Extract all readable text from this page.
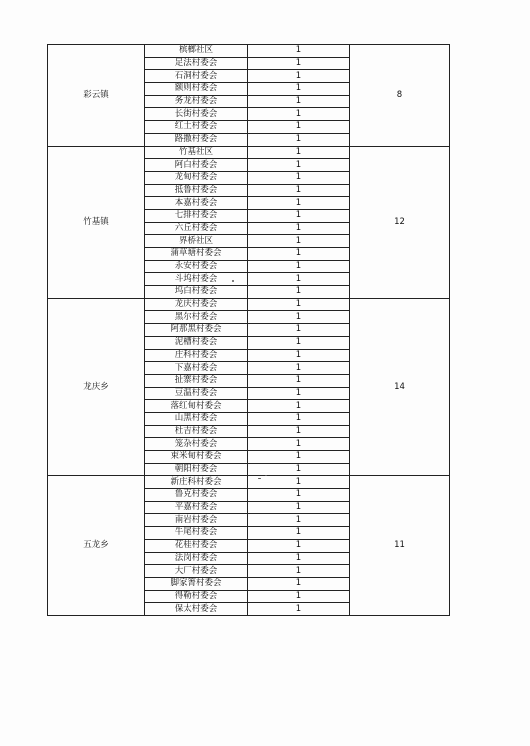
彩云镇	槟榔社区	1	8
	足法村委会	1	
	石洞村委会	1	
	额则村委会	1	
	务龙村委会	1	
	长街村委会	1	
	红土村委会	1	
	路撒村委会	1	
竹基镇	竹基社区	1	12
	阿白村委会	1	
	龙甸村委会	1	
	抵鲁村委会	1	
	本嘉村委会	1	
	七排村委会	1	
	六丘村委会	1	
	界桥社区	1	
	蒲草塘村委会	1	
	永安村委会	1	
	斗坞村委会	1	
	坞白村委会	1	
龙庆乡	龙庆村委会	1	14
	黑尔村委会	1	
	阿那黑村委会	1	
	泥槽村委会	1	
	庄科村委会	1	
	下嘉村委会	1	
	扯寨村委会	1	
	豆温村委会	1	
	落红甸村委会	1	
	山黑村委会	1	
	杜吉村委会	1	
	笼杂村委会	1	
	束米甸村委会	1	
	朝阳村委会	1	
五龙乡	新庄科村委会	1	11
	鲁克村委会	1	
	平嘉村委会	1	
	南岩村委会	1	
	牛尾村委会	1	
	花桂村委会	1	
	法岗村委会	1	
	大厂村委会	1	
	脚家箐村委会	1	
	得勒村委会	1	
	保太村委会	1	
